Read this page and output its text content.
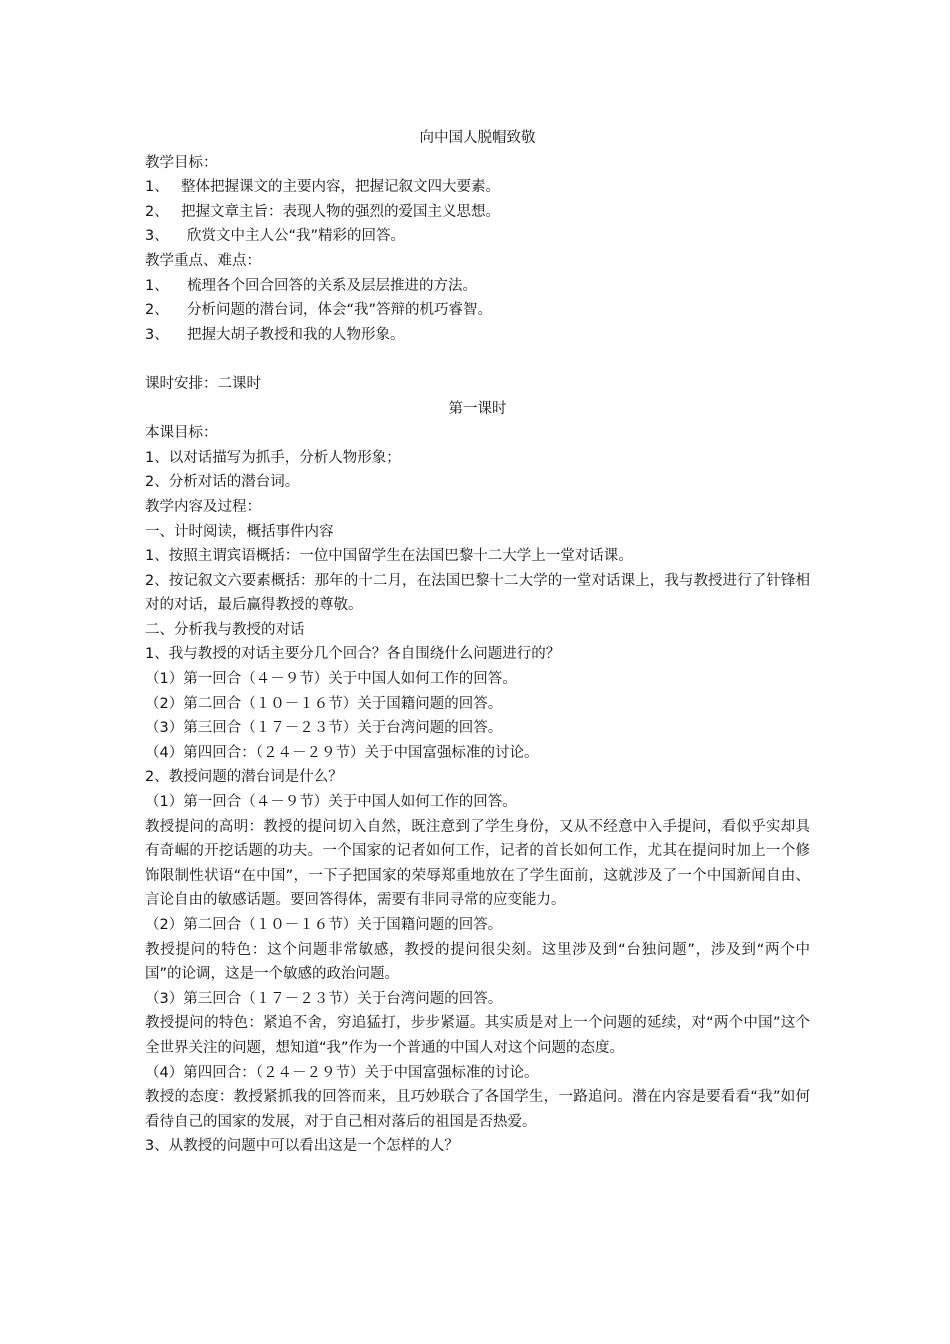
向中国人脱帽致敬
教学目标：
1、 整体把握课文的主要内容，把握记叙文四大要素。
2、 把握文章主旨：表现人物的强烈的爱国主义思想。
3、 欣赏文中主人公“我”精彩的回答。
教学重点、难点：
1、 梳理各个回合回答的关系及层层推进的方法。
2、 分析问题的潜台词，体会“我”答辩的机巧睿智。
3、 把握大胡子教授和我的人物形象。
课时安排：二课时
第一课时
本课目标：
1、以对话描写为抓手，分析人物形象；
2、分析对话的潜台词。
教学内容及过程：
一、计时阅读，概括事件内容
1、按照主谓宾语概括：一位中国留学生在法国巴黎十二大学上一堂对话课。
2、按记叙文六要素概括：那年的十二月，在法国巴黎十二大学的一堂对话课上，我与教授进行了针锋相对的对话，最后赢得教授的尊敬。
二、分析我与教授的对话
1、我与教授的对话主要分几个回合？各自围绕什么问题进行的？
（1）第一回合（４－９节）关于中国人如何工作的回答。
（2）第二回合（１０－１６节）关于国籍问题的回答。
（3）第三回合（１７－２３节）关于台湾问题的回答。
（4）第四回合：（２４－２９节）关于中国富强标准的讨论。
2、教授问题的潜台词是什么？
（1）第一回合（４－９节）关于中国人如何工作的回答。
教授提问的高明：教授的提问切入自然，既注意到了学生身份，又从不经意中入手提问，看似乎实却具有奇崛的开挖话题的功夫。一个国家的记者如何工作，记者的首长如何工作，尤其在提问时加上一个修饰限制性状语“在中国”，一下子把国家的荣辱郑重地放在了学生面前，这就涉及了一个中国新闻自由、言论自由的敏感话题。要回答得体，需要有非同寻常的应变能力。
（2）第二回合（１０－１６节）关于国籍问题的回答。
教授提问的特色：这个问题非常敏感，教授的提问很尖刻。这里涉及到“台独问题”，涉及到“两个中国”的论调，这是一个敏感的政治问题。
（3）第三回合（１７－２３节）关于台湾问题的回答。
教授提问的特色：紧追不舍，穷追猛打，步步紧逼。其实质是对上一个问题的延续，对“两个中国”这个全世界关注的问题，想知道“我”作为一个普通的中国人对这个问题的态度。
（4）第四回合：（２４－２９节）关于中国富强标准的讨论。
教授的态度：教授紧抓我的回答而来，且巧妙联合了各国学生，一路追问。潜在内容是要看看“我”如何看待自己的国家的发展，对于自己相对落后的祖国是否热爱。
3、从教授的问题中可以看出这是一个怎样的人？
